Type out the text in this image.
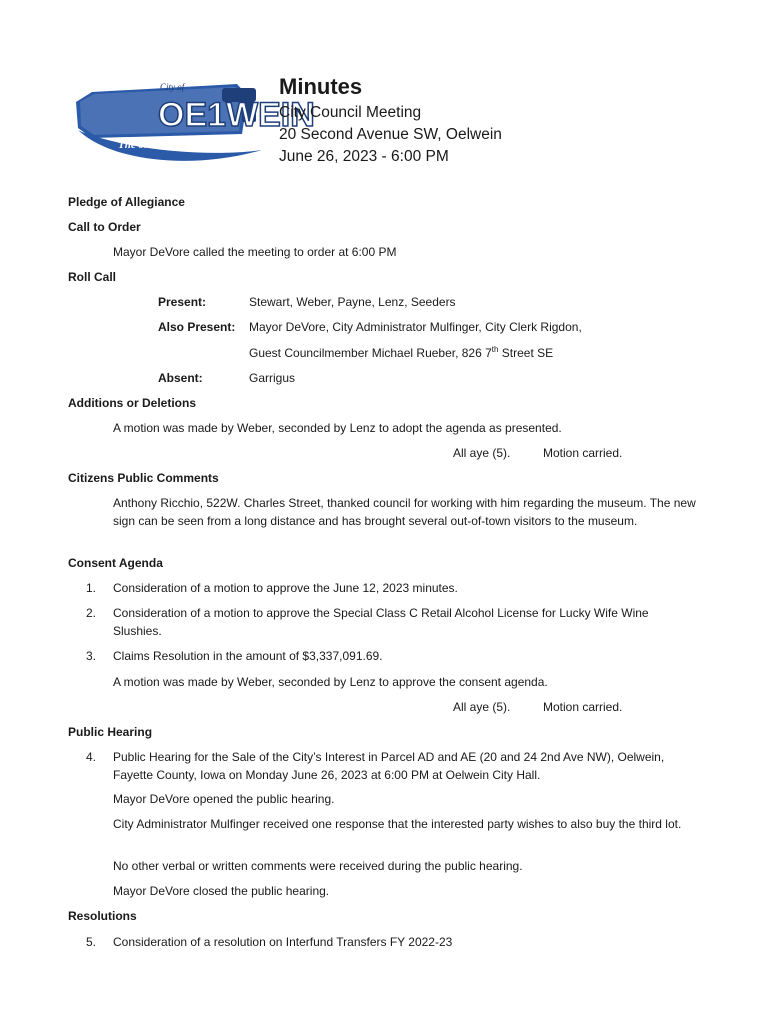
OE1WEIN
City of
The one and only!
Minutes
City Council Meeting
20 Second Avenue SW, Oelwein
June 26, 2023 - 6:00 PM
Pledge of Allegiance
Call to Order
Mayor DeVore called the meeting to order at 6:00 PM
Roll Call
Present:	Stewart, Weber, Payne, Lenz, Seeders
Also Present: Mayor DeVore, City Administrator Mulfinger, City Clerk Rigdon,
Guest Councilmember Michael Rueber, 826 7th Street SE
Absent:	Garrigus
Additions or Deletions
A motion was made by Weber, seconded by Lenz to adopt the agenda as presented.
All aye (5).	Motion carried.
Citizens Public Comments
Anthony Ricchio, 522W. Charles Street, thanked council for working with him regarding the museum. The new sign can be seen from a long distance and has brought several out-of-town visitors to the museum.
Consent Agenda
1. Consideration of a motion to approve the June 12, 2023 minutes.
2. Consideration of a motion to approve the Special Class C Retail Alcohol License for Lucky Wife Wine Slushies.
3. Claims Resolution in the amount of $3,337,091.69.
A motion was made by Weber, seconded by Lenz to approve the consent agenda.
All aye (5).	Motion carried.
Public Hearing
4. Public Hearing for the Sale of the City’s Interest in Parcel AD and AE (20 and 24 2nd Ave NW), Oelwein, Fayette County, Iowa on Monday June 26, 2023 at 6:00 PM at Oelwein City Hall.
Mayor DeVore opened the public hearing.
City Administrator Mulfinger received one response that the interested party wishes to also buy the third lot.
No other verbal or written comments were received during the public hearing.
Mayor DeVore closed the public hearing.
Resolutions
5. Consideration of a resolution on Interfund Transfers FY 2022-23
